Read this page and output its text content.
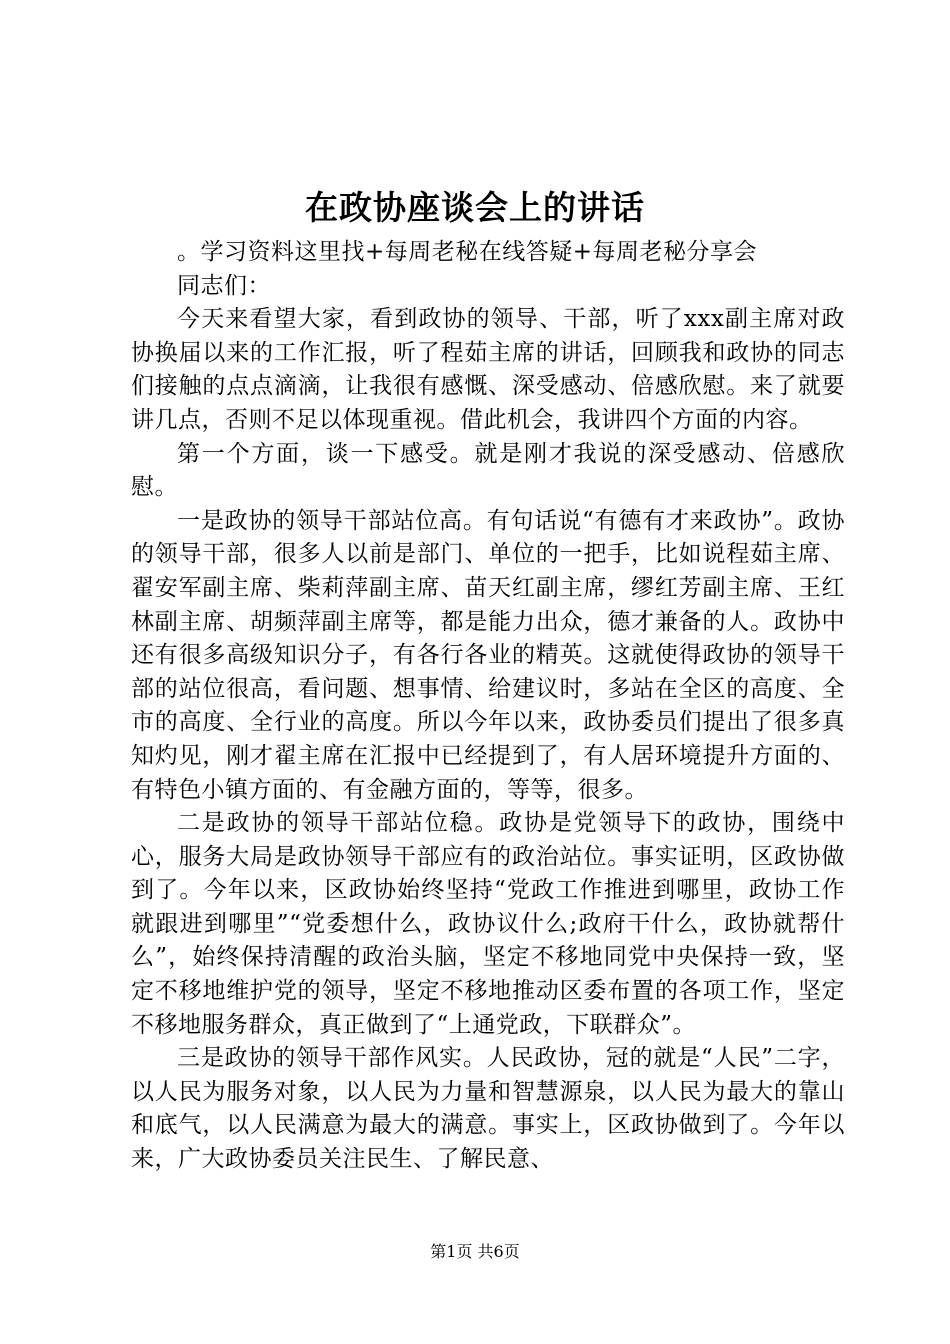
在政协座谈会上的讲话

。学习资料这里找+每周老秘在线答疑+每周老秘分享会

同志们：

今天来看望大家，看到政协的领导、干部，听了xxx副主席对政协换届以来的工作汇报，听了程茹主席的讲话，回顾我和政协的同志们接触的点点滴滴，让我很有感慨、深受感动、倍感欣慰。来了就要讲几点，否则不足以体现重视。借此机会，我讲四个方面的内容。

第一个方面，谈一下感受。就是刚才我说的深受感动、倍感欣慰。

一是政协的领导干部站位高。有句话说“有德有才来政协”。政协的领导干部，很多人以前是部门、单位的一把手，比如说程茹主席、翟安军副主席、柴莉萍副主席、苗天红副主席，缪红芳副主席、王红林副主席、胡频萍副主席等，都是能力出众，德才兼备的人。政协中还有很多高级知识分子，有各行各业的精英。这就使得政协的领导干部的站位很高，看问题、想事情、给建议时，多站在全区的高度、全市的高度、全行业的高度。所以今年以来，政协委员们提出了很多真知灼见，刚才翟主席在汇报中已经提到了，有人居环境提升方面的、有特色小镇方面的、有金融方面的，等等，很多。

二是政协的领导干部站位稳。政协是党领导下的政协，围绕中心，服务大局是政协领导干部应有的政治站位。事实证明，区政协做到了。今年以来，区政协始终坚持“党政工作推进到哪里，政协工作就跟进到哪里”“党委想什么，政协议什么;政府干什么，政协就帮什么”，始终保持清醒的政治头脑，坚定不移地同党中央保持一致，坚定不移地维护党的领导，坚定不移地推动区委布置的各项工作，坚定不移地服务群众，真正做到了“上通党政，下联群众”。

三是政协的领导干部作风实。人民政协，冠的就是“人民”二字，以人民为服务对象，以人民为力量和智慧源泉，以人民为最大的靠山和底气，以人民满意为最大的满意。事实上，区政协做到了。今年以来，广大政协委员关注民生、了解民意、

第1页 共6页
